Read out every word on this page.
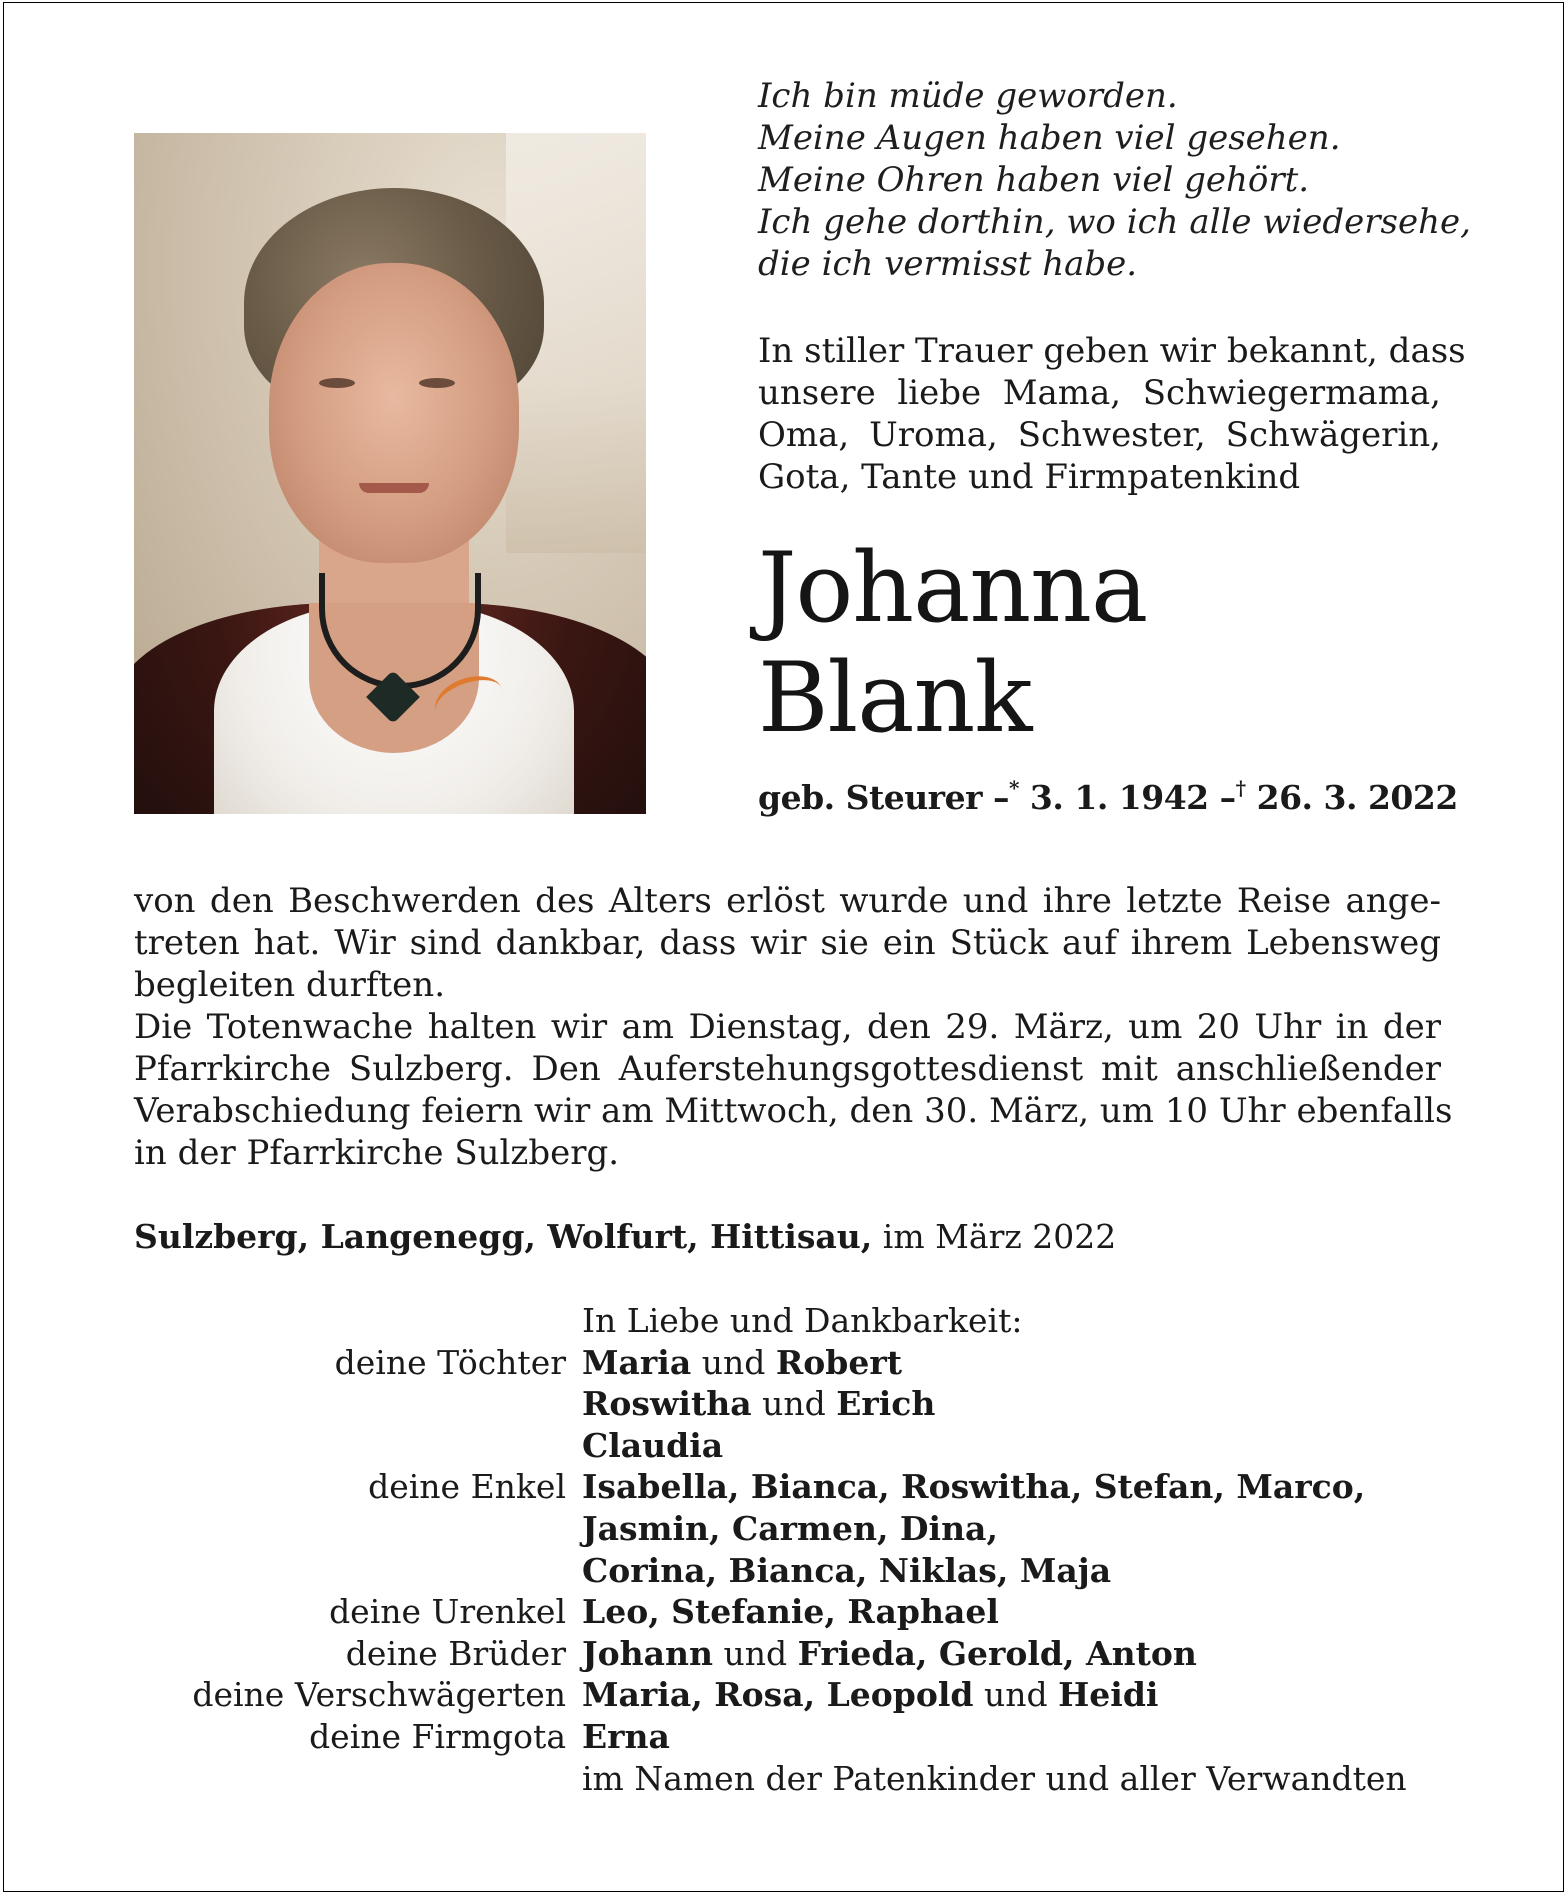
Ich bin müde geworden.
Meine Augen haben viel gesehen.
Meine Ohren haben viel gehört.
Ich gehe dorthin, wo ich alle wiedersehe,
die ich vermisst habe.
In stiller Trauer geben wir bekannt, dass
unsere liebe Mama, Schwiegermama,
Oma, Uroma, Schwester, Schwägerin,
Gota, Tante und Firmpatenkind
Johanna
Blank
geb. Steurer –* 3. 1. 1942 –† 26. 3. 2022
von den Beschwerden des Alters erlöst wurde und ihre letzte Reise ange-
treten hat. Wir sind dankbar, dass wir sie ein Stück auf ihrem Lebensweg
begleiten durften.
Die Totenwache halten wir am Dienstag, den 29. März, um 20 Uhr in der
Pfarrkirche Sulzberg. Den Auferstehungsgottesdienst mit anschließender
Verabschiedung feiern wir am Mittwoch, den 30. März, um 10 Uhr ebenfalls
in der Pfarrkirche Sulzberg.
Sulzberg, Langenegg, Wolfurt, Hittisau, im März 2022
In Liebe und Dankbarkeit:
deine Töchter Maria und Robert
Roswitha und Erich
Claudia
deine Enkel Isabella, Bianca, Roswitha, Stefan, Marco,
Jasmin, Carmen, Dina,
Corina, Bianca, Niklas, Maja
deine Urenkel Leo, Stefanie, Raphael
deine Brüder Johann und Frieda, Gerold, Anton
deine Verschwägerten Maria, Rosa, Leopold und Heidi
deine Firmgota Erna
im Namen der Patenkinder und aller Verwandten
